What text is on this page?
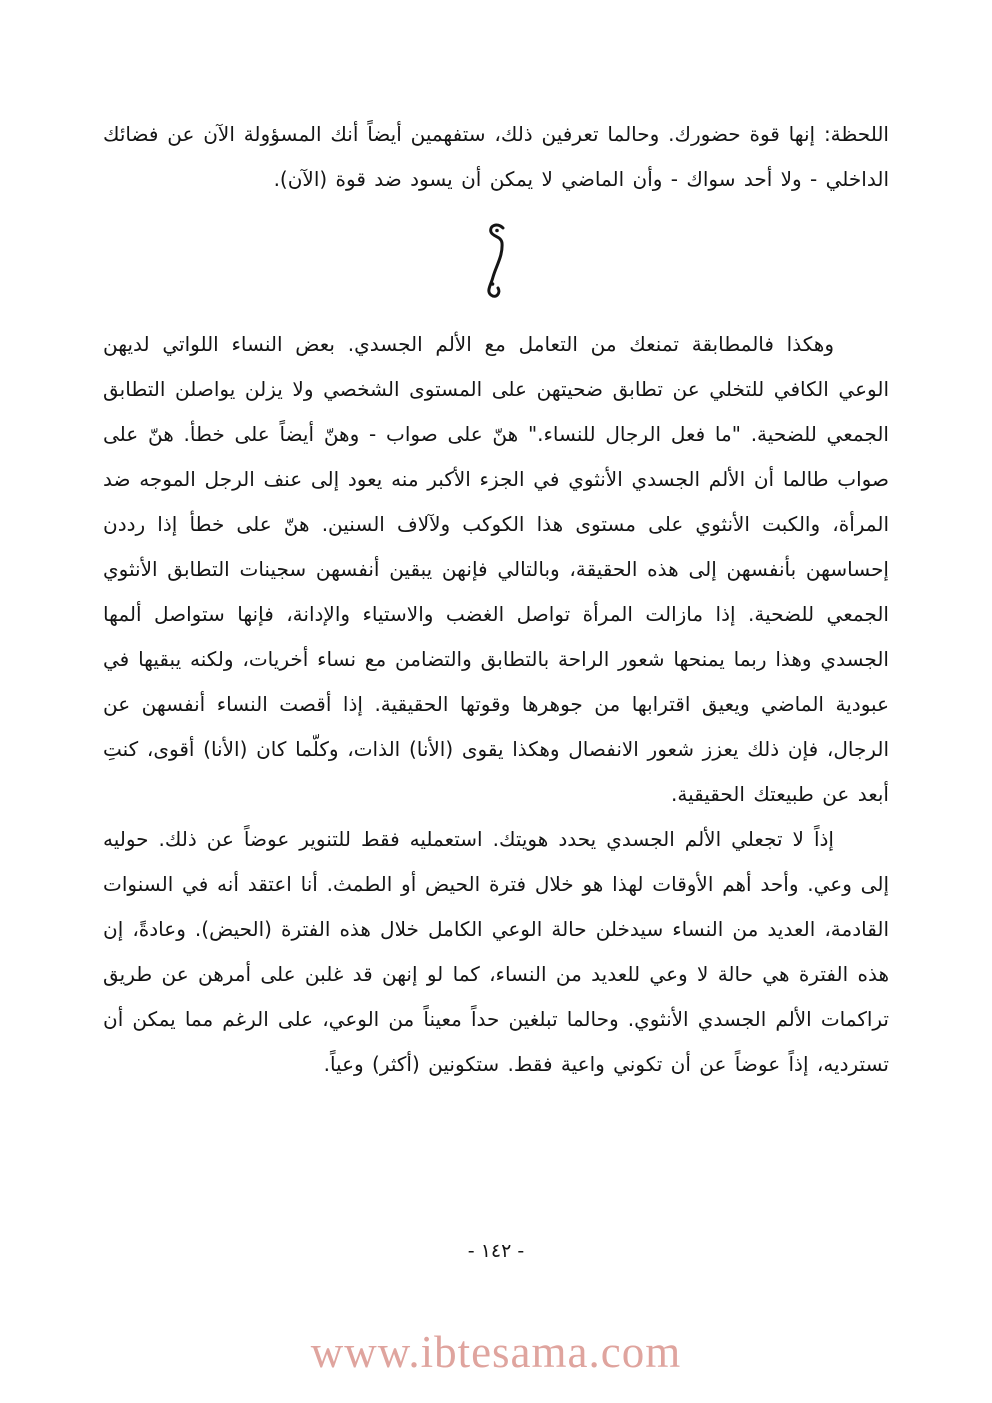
اللحظة: إنها قوة حضورك. وحالما تعرفين ذلك، ستفهمين أيضاً أنك المسؤولة الآن عن فضائك الداخلي - ولا أحد سواك - وأن الماضي لا يمكن أن يسود ضد قوة (الآن).

وهكذا فالمطابقة تمنعك من التعامل مع الألم الجسدي. بعض النساء اللواتي لديهن الوعي الكافي للتخلي عن تطابق ضحيتهن على المستوى الشخصي ولا يزلن يواصلن التطابق الجمعي للضحية. "ما فعل الرجال للنساء." هنّ على صواب - وهنّ أيضاً على خطأ. هنّ على صواب طالما أن الألم الجسدي الأنثوي في الجزء الأكبر منه يعود إلى عنف الرجل الموجه ضد المرأة، والكبت الأنثوي على مستوى هذا الكوكب ولآلاف السنين. هنّ على خطأ إذا رددن إحساسهن بأنفسهن إلى هذه الحقيقة، وبالتالي فإنهن يبقين أنفسهن سجينات التطابق الأنثوي الجمعي للضحية. إذا مازالت المرأة تواصل الغضب والاستياء والإدانة، فإنها ستواصل ألمها الجسدي وهذا ربما يمنحها شعور الراحة بالتطابق والتضامن مع نساء أخريات، ولكنه يبقيها في عبودية الماضي ويعيق اقترابها من جوهرها وقوتها الحقيقية. إذا أقصت النساء أنفسهن عن الرجال، فإن ذلك يعزز شعور الانفصال وهكذا يقوى (الأنا) الذات، وكلّما كان (الأنا) أقوى، كنتِ أبعد عن طبيعتك الحقيقية.

إذاً لا تجعلي الألم الجسدي يحدد هويتك. استعمليه فقط للتنوير عوضاً عن ذلك. حوليه إلى وعي. وأحد أهم الأوقات لهذا هو خلال فترة الحيض أو الطمث. أنا اعتقد أنه في السنوات القادمة، العديد من النساء سيدخلن حالة الوعي الكامل خلال هذه الفترة (الحيض). وعادةً، إن هذه الفترة هي حالة لا وعي للعديد من النساء، كما لو إنهن قد غلبن على أمرهن عن طريق تراكمات الألم الجسدي الأنثوي. وحالما تبلغين حداً معيناً من الوعي، على الرغم مما يمكن أن تسترديه، إذاً عوضاً عن أن تكوني واعية فقط. ستكونين (أكثر) وعياً.

- ١٤٢ -
www.ibtesama.com
